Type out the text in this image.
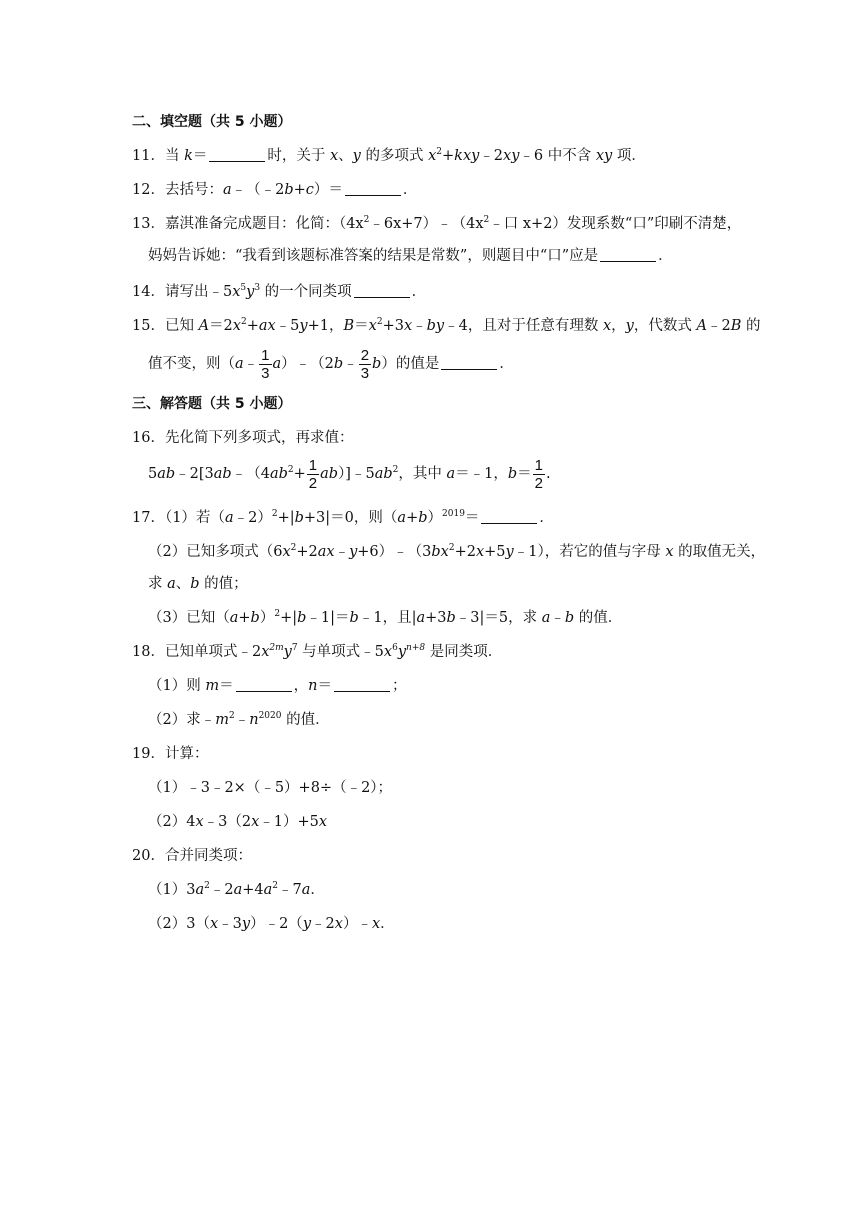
二、填空题（共 5 小题）
11．当 k＝	时，关于 x、y 的多项式 $x^2+kxy﹣2xy﹣6$ 中不含 xy 项．
12．去括号：a﹣（﹣2b+c）＝	．
13．嘉淇准备完成题目：化简：$(4x^2﹣6x+7)﹣(4x^2﹣$口 x+2）发现系数“口”印刷不清楚，
妈妈告诉她：“我看到该题标准答案的结果是常数”，则题目中“口”应是	．
14．请写出$﹣5x^5y^3$ 的一个同类项	．
15．已知 $A=2x^2+ax﹣5y+1$，$B=x^2+3x﹣by﹣4$，且对于任意有理数 x，y，代数式 A﹣2B 的
值不变，则（a﹣ $\frac{1}{3}$ a）﹣（2b﹣ $\frac{2}{3} b$）的值是	．
三、解答题（共 5 小题）
16．先化简下列多项式，再求值：
$5ab﹣2[3ab﹣(4ab^2+ \frac{1}{2}$ $ab)]﹣5ab^2$，其中 a＝﹣1，$b= \frac{1}{2}$ .
17．（1）若（a﹣2）$^2$+|b+3|＝0，则$(a+b)^{2019}=$	．
（2）已知多项式$(6x^2+2ax﹣y+6)﹣(3bx^2+2x+5y﹣1)$，若它的值与字母 x 的取值无关，
求 a、b 的值；
（3）已知$(a+b)^2+|b﹣1|=b﹣1$，且|a+3b﹣3|＝5，求 a﹣b 的值．
18．已知单项式$﹣2x^{2m}y^7$ 与单项式$﹣5x^6y^{n+8}$ 是同类项．
（1）则 m＝	，n＝	；
（2）求$﹣m^2﹣n^{2020}$ 的值．
19．计算：
（1）﹣3﹣2×（﹣5）+8÷（﹣2）；
（2）4x﹣3（2x﹣1）+5x
20．合并同类项：
$(1)3a^2﹣2a+4a^2﹣7a$．
（2）3（x﹣3y）﹣2（y﹣2x）﹣x．
